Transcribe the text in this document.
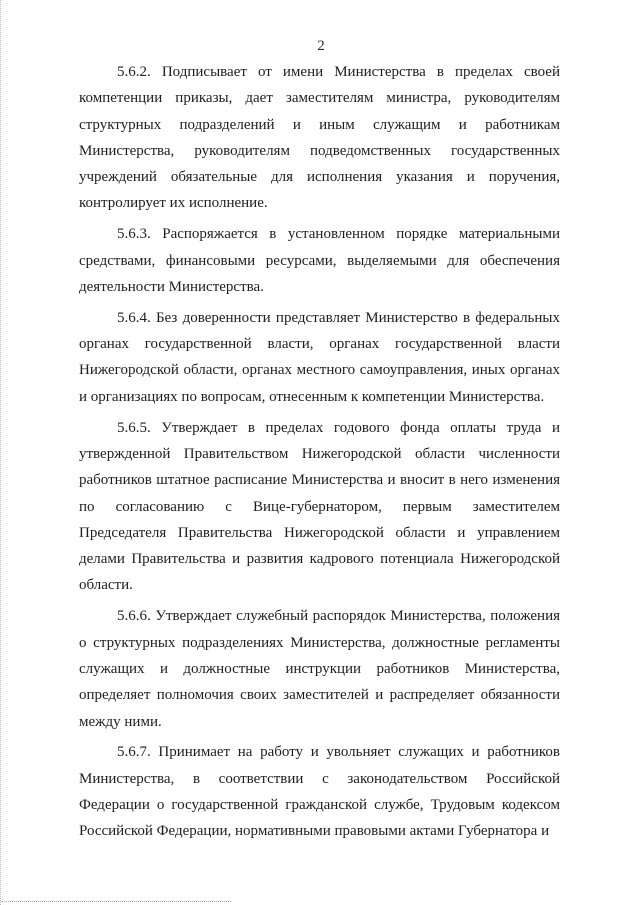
2

5.6.2. Подписывает от имени Министерства в пределах своей компетенции приказы, дает заместителям министра, руководителям структурных подразделений и иным служащим и работникам Министерства, руководителям подведомственных государственных учреждений обязательные для исполнения указания и поручения, контролирует их исполнение.

5.6.3. Распоряжается в установленном порядке материальными средствами, финансовыми ресурсами, выделяемыми для обеспечения деятельности Министерства.

5.6.4. Без доверенности представляет Министерство в федеральных органах государственной власти, органах государственной власти Нижегородской области, органах местного самоуправления, иных органах и организациях по вопросам, отнесенным к компетенции Министерства.

5.6.5. Утверждает в пределах годового фонда оплаты труда и утвержденной Правительством Нижегородской области численности работников штатное расписание Министерства и вносит в него изменения по согласованию с Вице-губернатором, первым заместителем Председателя Правительства Нижегородской области и управлением делами Правительства и развития кадрового потенциала Нижегородской области.

5.6.6. Утверждает служебный распорядок Министерства, положения о структурных подразделениях Министерства, должностные регламенты служащих и должностные инструкции работников Министерства, определяет полномочия своих заместителей и распределяет обязанности между ними.

5.6.7. Принимает на работу и увольняет служащих и работников Министерства, в соответствии с законодательством Российской Федерации о государственной гражданской службе, Трудовым кодексом Российской Федерации, нормативными правовыми актами Губернатора и
